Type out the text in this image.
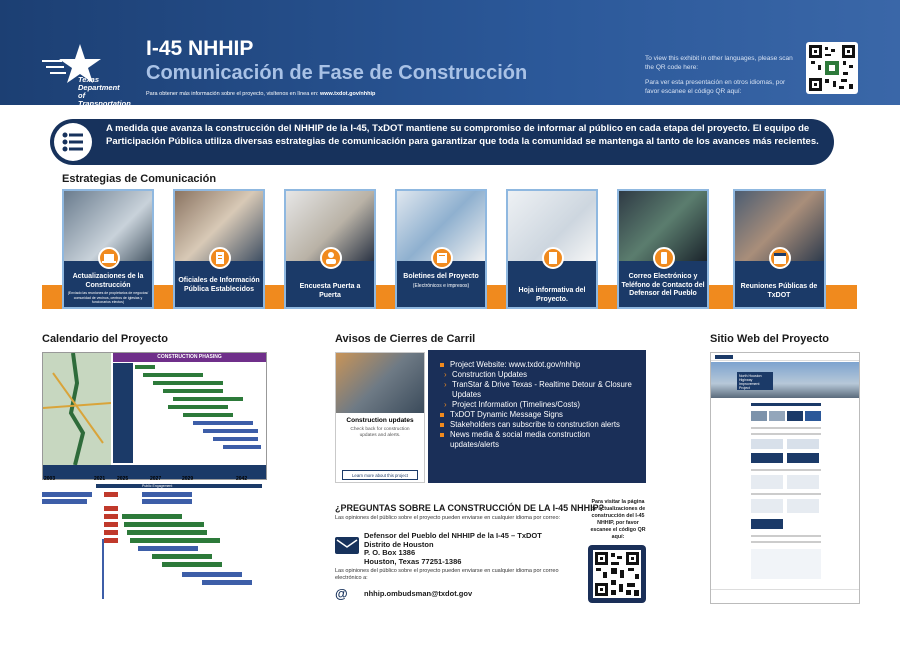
Texas
Department
of Transportation
I-45 NHHIP
Comunicación de Fase de Construcción
Para obtener más información sobre el proyecto, visítenos en línea en: www.txdot.gov/nhhip
To view this exhibit in other languages, please scan the QR code here:
Para ver esta presentación en otros idiomas, por favor escanee el código QR aquí:
A medida que avanza la construcción del NHHIP de la I-45, TxDOT mantiene su compromiso de informar al público en cada etapa del proyecto. El equipo de Participación Pública utiliza diversas estrategias de comunicación para garantizar que toda la comunidad se mantenga al tanto de los avances más recientes.
Estrategias de Comunicación
Actualizaciones de la Construcción
(Enviado las reuniones de propietarios de negocios/ comunidad de vecinos, centros de iglesias y funcionarios electos)
Oficiales de Información Pública Establecidos	Encuesta Puerta a Puerta
Boletines del Proyecto
(Electrónicos e impresos)
Hoja informativa del Proyecto.
Correo Electrónico y Teléfono de Contacto del Defensor del Pueblo
Reuniones Públicas de TxDOT
Calendario del Proyecto
CONSTRUCTION PHASING
2003	2021 2025	2027	2029	2042
Public Engagement
Avisos de Cierres de Carril
Construction updates
Check back for construction updates and alerts.
Learn more about this project
Project Website: www.txdot.gov/nhhip
› Construction Updates
› TranStar & Drive Texas - Realtime Detour & Closure Updates
› Project Information (Timelines/Costs)
TxDOT Dynamic Message Signs
Stakeholders can subscribe to construction alerts
News media & social media construction updates/alerts
¿PREGUNTAS SOBRE LA CONSTRUCCIÓN DE LA I-45 NHHIP?
Las opiniones del público sobre el proyecto pueden enviarse en cualquier idioma por correo:
Defensor del Pueblo del NHHIP de la I-45 – TxDOT
Distrito de Houston
P. O. Box 1386
Houston, Texas 77251-1386
Las opiniones del público sobre el proyecto pueden enviarse en cualquier idioma por correo electrónico a:
@ nhhip.ombudsman@txdot.gov
Para visitar la página de actualizaciones de construcción del I-45 NHHIP, por favor escanee el código QR aquí:
Sitio Web del Proyecto
North Houston Highway Improvement Project
